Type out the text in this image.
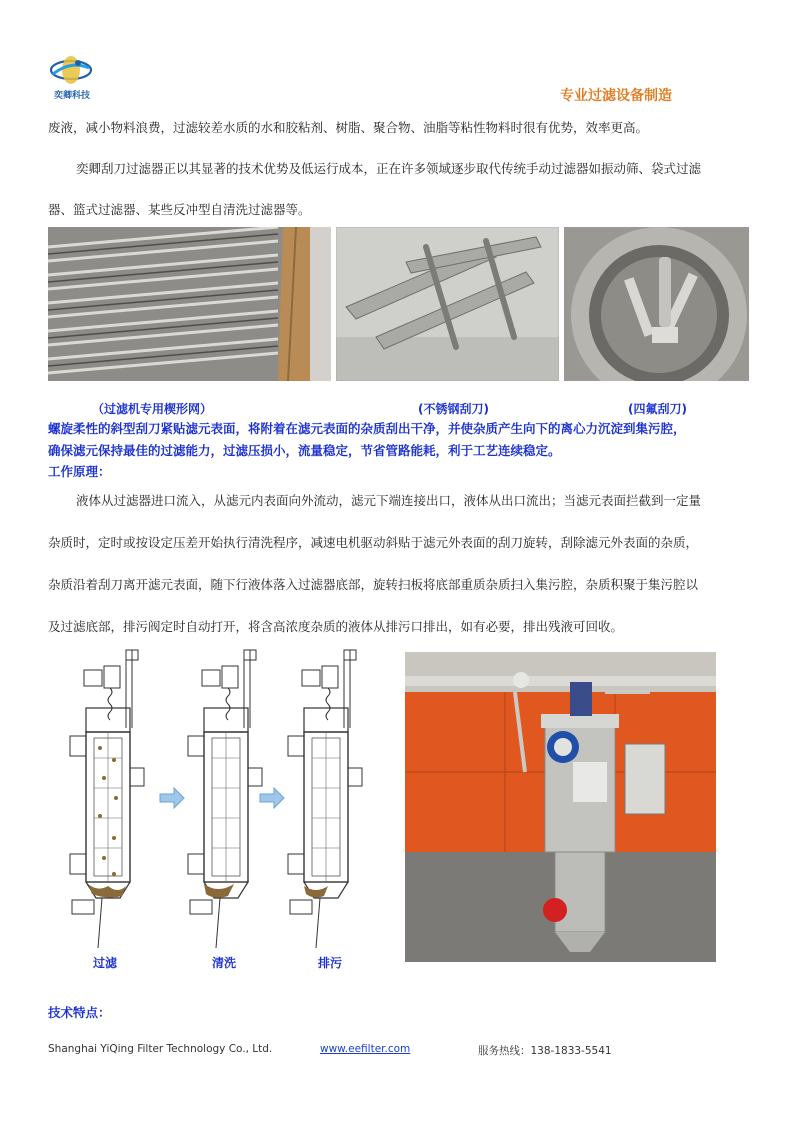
奕卿科技	专业过滤设备制造
废液，减小物料浪费，过滤较差水质的水和胶粘剂、树脂、聚合物、油脂等粘性物料时很有优势，效率更高。
奕卿刮刀过滤器正以其显著的技术优势及低运行成本，正在许多领域逐步取代传统手动过滤器如振动筛、袋式过滤
器、篮式过滤器、某些反冲型自清洗过滤器等。
（过滤机专用楔形网）	(不锈钢刮刀)	(四氟刮刀)
螺旋柔性的斜型刮刀紧贴滤元表面，将附着在滤元表面的杂质刮出干净，并使杂质产生向下的离心力沉淀到集污腔，
确保滤元保持最佳的过滤能力，过滤压损小，流量稳定，节省管路能耗，利于工艺连续稳定。
工作原理：
液体从过滤器进口流入，从滤元内表面向外流动，滤元下端连接出口，液体从出口流出；当滤元表面拦截到一定量
杂质时，定时或按设定压差开始执行清洗程序，减速电机驱动斜贴于滤元外表面的刮刀旋转，刮除滤元外表面的杂质，
杂质沿着刮刀离开滤元表面，随下行液体落入过滤器底部，旋转扫板将底部重质杂质扫入集污腔，杂质积聚于集污腔以
及过滤底部，排污阀定时自动打开，将含高浓度杂质的液体从排污口排出，如有必要，排出残液可回收。
过滤	清洗	排污
技术特点：
Shanghai YiQing Filter Technology Co., Ltd.	www.eefilter.com	服务热线：138-1833-5541
